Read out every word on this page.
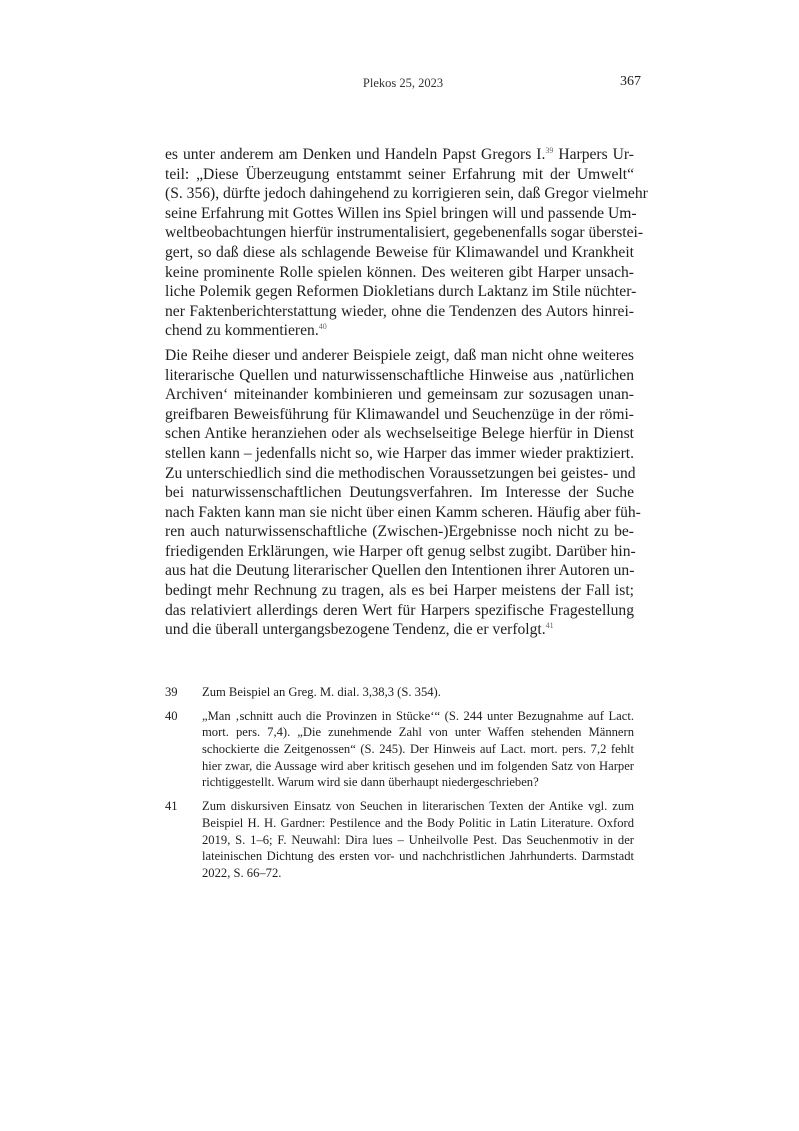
Plekos 25, 2023	367
es unter anderem am Denken und Handeln Papst Gregors I.$^{39}$ Harpers Ur-
teil: „Diese Überzeugung entstammt seiner Erfahrung mit der Umwelt“
(S. 356), dürfte jedoch dahingehend zu korrigieren sein, daß Gregor vielmehr
seine Erfahrung mit Gottes Willen ins Spiel bringen will und passende Um-
weltbeobachtungen hierfür instrumentalisiert, gegebenenfalls sogar überstei-
gert, so daß diese als schlagende Beweise für Klimawandel und Krankheit
keine prominente Rolle spielen können. Des weiteren gibt Harper unsach-
liche Polemik gegen Reformen Diokletians durch Laktanz im Stile nüchter-
ner Faktenberichterstattung wieder, ohne die Tendenzen des Autors hinrei-
chend zu kommentieren.$^{40}$
Die Reihe dieser und anderer Beispiele zeigt, daß man nicht ohne weiteres
literarische Quellen und naturwissenschaftliche Hinweise aus ‚natürlichen
Archiven‘ miteinander kombinieren und gemeinsam zur sozusagen unan-
greifbaren Beweisführung für Klimawandel und Seuchenzüge in der römi-
schen Antike heranziehen oder als wechselseitige Belege hierfür in Dienst
stellen kann – jedenfalls nicht so, wie Harper das immer wieder praktiziert.
Zu unterschiedlich sind die methodischen Voraussetzungen bei geistes- und
bei naturwissenschaftlichen Deutungsverfahren. Im Interesse der Suche
nach Fakten kann man sie nicht über einen Kamm scheren. Häufig aber füh-
ren auch naturwissenschaftliche (Zwischen-)Ergebnisse noch nicht zu be-
friedigenden Erklärungen, wie Harper oft genug selbst zugibt. Darüber hin-
aus hat die Deutung literarischer Quellen den Intentionen ihrer Autoren un-
bedingt mehr Rechnung zu tragen, als es bei Harper meistens der Fall ist;
das relativiert allerdings deren Wert für Harpers spezifische Fragestellung
und die überall untergangsbezogene Tendenz, die er verfolgt.$^{41}$
39 Zum Beispiel an Greg. M. dial. 3,38,3 (S. 354).
40 „Man ‚schnitt auch die Provinzen in Stücke‘“ (S. 244 unter Bezugnahme auf Lact.
mort. pers. 7,4). „Die zunehmende Zahl von unter Waffen stehenden Männern
schockierte die Zeitgenossen“ (S. 245). Der Hinweis auf Lact. mort. pers. 7,2 fehlt
hier zwar, die Aussage wird aber kritisch gesehen und im folgenden Satz von Harper
richtiggestellt. Warum wird sie dann überhaupt niedergeschrieben?
41 Zum diskursiven Einsatz von Seuchen in literarischen Texten der Antike vgl. zum
Beispiel H. H. Gardner: Pestilence and the Body Politic in Latin Literature. Oxford
2019, S. 1–6; F. Neuwahl: Dira lues – Unheilvolle Pest. Das Seuchenmotiv in der
lateinischen Dichtung des ersten vor- und nachchristlichen Jahrhunderts. Darmstadt
2022, S. 66–72.
